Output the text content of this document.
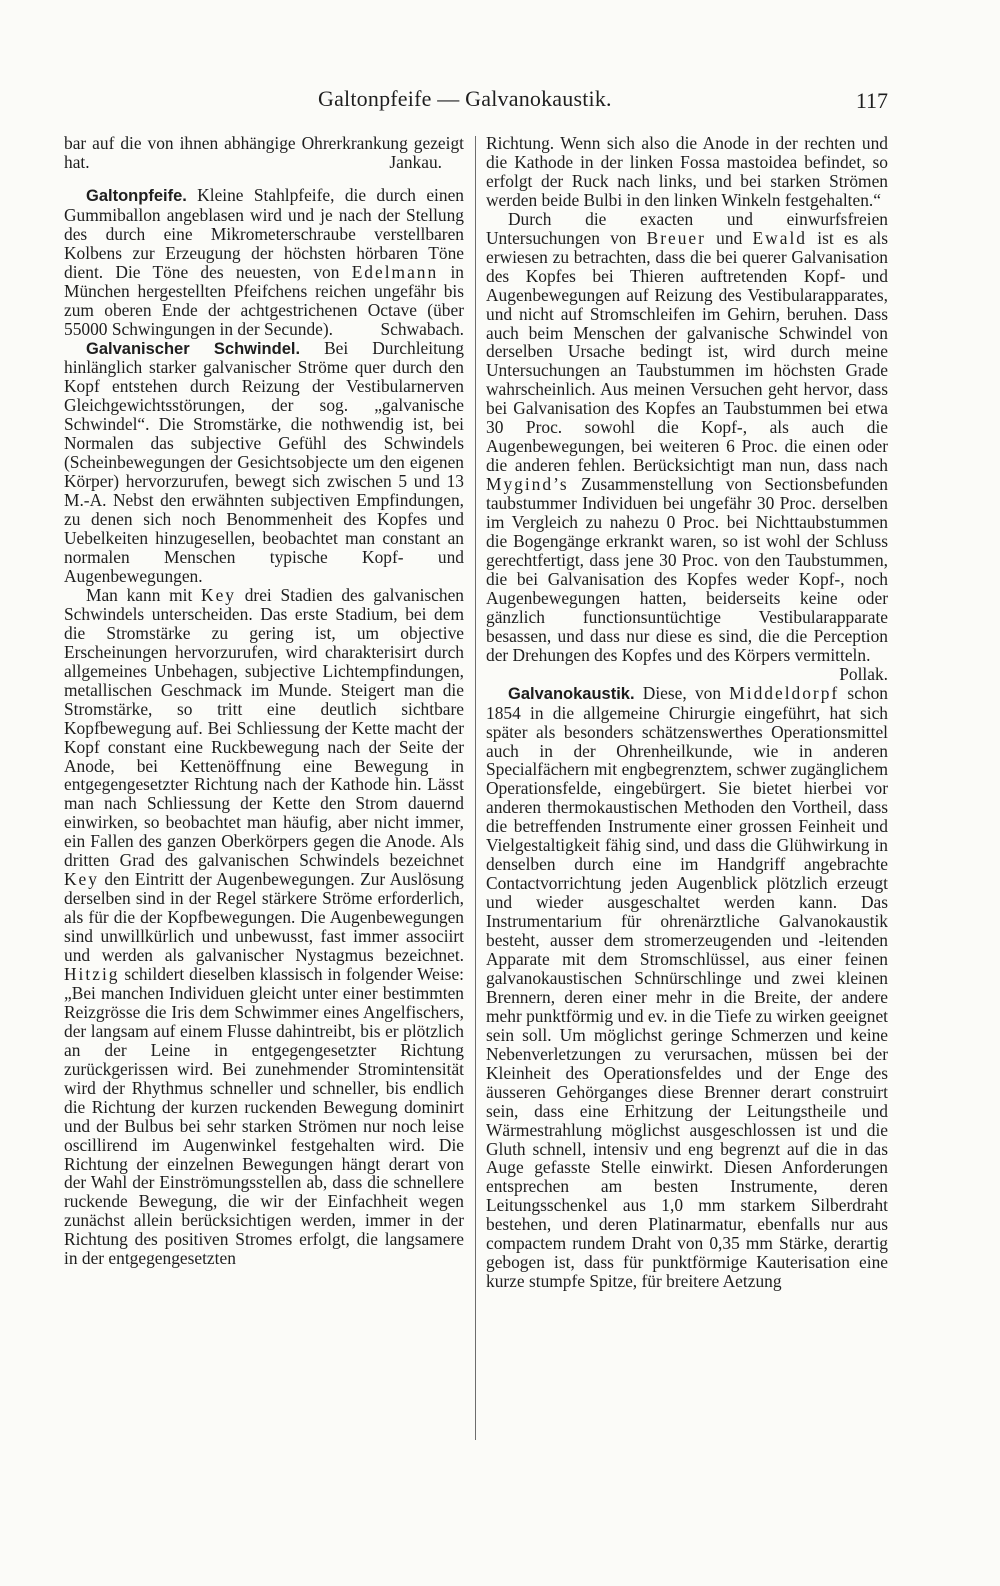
Galtonpfeife — Galvanokaustik.	117

bar auf die von ihnen abhängige Ohrerkrankung gezeigt hat.	Jankau.

Galtonpfeife. Kleine Stahlpfeife, die durch einen Gummiballon angeblasen wird und je nach der Stellung des durch eine Mikrometerschraube verstellbaren Kolbens zur Erzeugung der höchsten hörbaren Töne dient. Die Töne des neuesten, von Edelmann in München hergestellten Pfeifchens reichen ungefähr bis zum oberen Ende der achtgestrichenen Octave (über 55000 Schwingungen in der Secunde).	Schwabach.

Galvanischer Schwindel. Bei Durchleitung hinlänglich starker galvanischer Ströme quer durch den Kopf entstehen durch Reizung der Vestibularnerven Gleichgewichtsstörungen, der sog. „galvanische Schwindel“. Die Stromstärke, die nothwendig ist, bei Normalen das subjective Gefühl des Schwindels (Scheinbewegungen der Gesichtsobjecte um den eigenen Körper) hervorzurufen, bewegt sich zwischen 5 und 13 M.-A. Nebst den erwähnten subjectiven Empfindungen, zu denen sich noch Benommenheit des Kopfes und Uebelkeiten hinzugesellen, beobachtet man constant an normalen Menschen typische Kopf- und Augenbewegungen.

Man kann mit Key drei Stadien des galvanischen Schwindels unterscheiden. Das erste Stadium, bei dem die Stromstärke zu gering ist, um objective Erscheinungen hervorzurufen, wird charakterisirt durch allgemeines Unbehagen, subjective Lichtempfindungen, metallischen Geschmack im Munde. Steigert man die Stromstärke, so tritt eine deutlich sichtbare Kopfbewegung auf. Bei Schliessung der Kette macht der Kopf constant eine Ruckbewegung nach der Seite der Anode, bei Kettenöffnung eine Bewegung in entgegengesetzter Richtung nach der Kathode hin. Lässt man nach Schliessung der Kette den Strom dauernd einwirken, so beobachtet man häufig, aber nicht immer, ein Fallen des ganzen Oberkörpers gegen die Anode. Als dritten Grad des galvanischen Schwindels bezeichnet Key den Eintritt der Augenbewegungen. Zur Auslösung derselben sind in der Regel stärkere Ströme erforderlich, als für die der Kopfbewegungen. Die Augenbewegungen sind unwillkürlich und unbewusst, fast immer associirt und werden als galvanischer Nystagmus bezeichnet. Hitzig schildert dieselben klassisch in folgender Weise: „Bei manchen Individuen gleicht unter einer bestimmten Reizgrösse die Iris dem Schwimmer eines Angelfischers, der langsam auf einem Flusse dahintreibt, bis er plötzlich an der Leine in entgegengesetzter Richtung zurückgerissen wird. Bei zunehmender Stromintensität wird der Rhythmus schneller und schneller, bis endlich die Richtung der kurzen ruckenden Bewegung dominirt und der Bulbus bei sehr starken Strömen nur noch leise oscillirend im Augenwinkel festgehalten wird. Die Richtung der einzelnen Bewegungen hängt derart von der Wahl der Einströmungsstellen ab, dass die schnellere ruckende Bewegung, die wir der Einfachheit wegen zunächst allein berücksichtigen werden, immer in der Richtung des positiven Stromes erfolgt, die langsamere in der entgegengesetzten

Richtung. Wenn sich also die Anode in der rechten und die Kathode in der linken Fossa mastoidea befindet, so erfolgt der Ruck nach links, und bei starken Strömen werden beide Bulbi in den linken Winkeln festgehalten.“

Durch die exacten und einwurfsfreien Untersuchungen von Breuer und Ewald ist es als erwiesen zu betrachten, dass die bei querer Galvanisation des Kopfes bei Thieren auftretenden Kopf- und Augenbewegungen auf Reizung des Vestibularapparates, und nicht auf Stromschleifen im Gehirn, beruhen. Dass auch beim Menschen der galvanische Schwindel von derselben Ursache bedingt ist, wird durch meine Untersuchungen an Taubstummen im höchsten Grade wahrscheinlich. Aus meinen Versuchen geht hervor, dass bei Galvanisation des Kopfes an Taubstummen bei etwa 30 Proc. sowohl die Kopf-, als auch die Augenbewegungen, bei weiteren 6 Proc. die einen oder die anderen fehlen. Berücksichtigt man nun, dass nach Mygind’s Zusammenstellung von Sectionsbefunden taubstummer Individuen bei ungefähr 30 Proc. derselben im Vergleich zu nahezu 0 Proc. bei Nichttaubstummen die Bogengänge erkrankt waren, so ist wohl der Schluss gerechtfertigt, dass jene 30 Proc. von den Taubstummen, die bei Galvanisation des Kopfes weder Kopf-, noch Augenbewegungen hatten, beiderseits keine oder gänzlich functionsuntüchtige Vestibularapparate besassen, und dass nur diese es sind, die die Perception der Drehungen des Kopfes und des Körpers vermitteln.
Pollak.

Galvanokaustik. Diese, von Middeldorpf schon 1854 in die allgemeine Chirurgie eingeführt, hat sich später als besonders schätzenswerthes Operationsmittel auch in der Ohrenheilkunde, wie in anderen Specialfächern mit engbegrenztem, schwer zugänglichem Operationsfelde, eingebürgert. Sie bietet hierbei vor anderen thermokaustischen Methoden den Vortheil, dass die betreffenden Instrumente einer grossen Feinheit und Vielgestaltigkeit fähig sind, und dass die Glühwirkung in denselben durch eine im Handgriff angebrachte Contactvorrichtung jeden Augenblick plötzlich erzeugt und wieder ausgeschaltet werden kann. Das Instrumentarium für ohrenärztliche Galvanokaustik besteht, ausser dem stromerzeugenden und -leitenden Apparate mit dem Stromschlüssel, aus einer feinen galvanokaustischen Schnürschlinge und zwei kleinen Brennern, deren einer mehr in die Breite, der andere mehr punktförmig und ev. in die Tiefe zu wirken geeignet sein soll. Um möglichst geringe Schmerzen und keine Nebenverletzungen zu verursachen, müssen bei der Kleinheit des Operationsfeldes und der Enge des äusseren Gehörganges diese Brenner derart construirt sein, dass eine Erhitzung der Leitungstheile und Wärmestrahlung möglichst ausgeschlossen ist und die Gluth schnell, intensiv und eng begrenzt auf die in das Auge gefasste Stelle einwirkt. Diesen Anforderungen entsprechen am besten Instrumente, deren Leitungsschenkel aus 1,0 mm starkem Silberdraht bestehen, und deren Platinarmatur, ebenfalls nur aus compactem rundem Draht von 0,35 mm Stärke, derartig gebogen ist, dass für punktförmige Kauterisation eine kurze stumpfe Spitze, für breitere Aetzung
